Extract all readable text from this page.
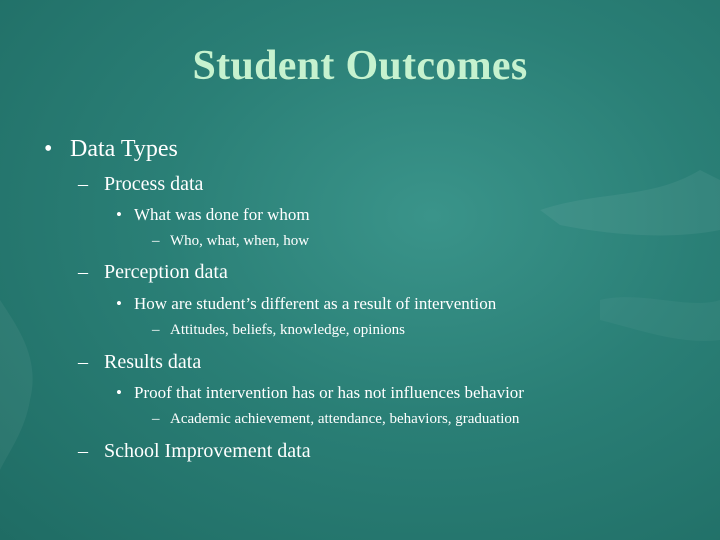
Student Outcomes
• Data Types
– Process data
• What was done for whom
– Who, what, when, how
– Perception data
• How are student’s different as a result of intervention
– Attitudes, beliefs, knowledge, opinions
– Results data
• Proof that intervention has or has not influences behavior
– Academic achievement, attendance, behaviors, graduation
– School Improvement data
